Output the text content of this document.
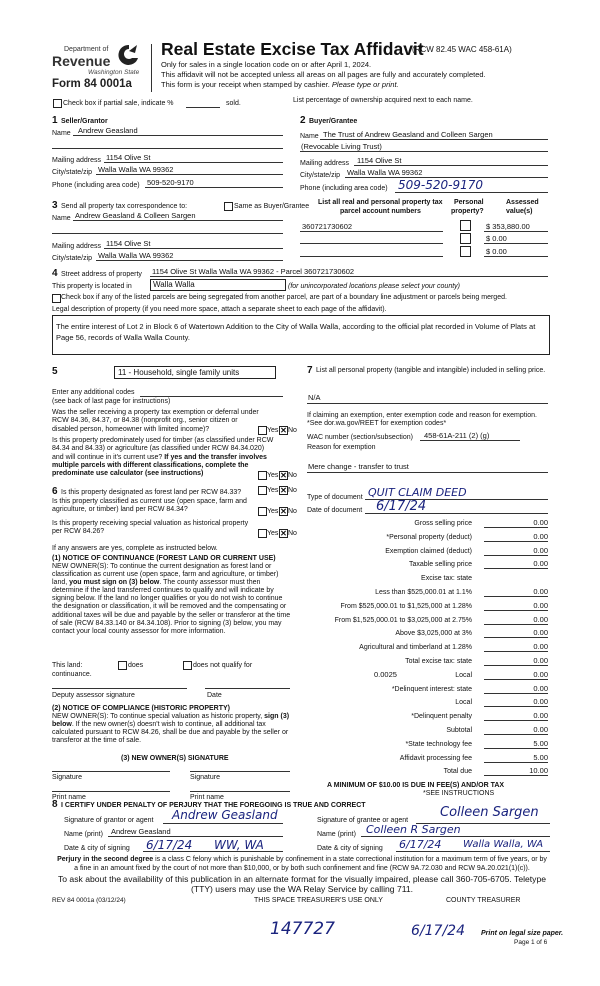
Department of
Revenue
Washington State
Form 84 0001a
Real Estate Excise Tax Affidavit
(RCW 82.45 WAC 458-61A)
Only for sales in a single location code on or after April 1, 2024.
This affidavit will not be accepted unless all areas on all pages are fully and accurately completed.
This form is your receipt when stamped by cashier. Please type or print.
Check box if partial sale, indicate %	sold.	List percentage of ownership acquired next to each name.
1 Seller/Grantor
Name Andrew Geasland
Mailing address 1154 Olive St
City/state/zip Walla Walla WA 99362
Phone (including area code) 509-520-9170
2 Buyer/Grantee
Name The Trust of Andrew Geasland and Colleen Sargen
(Revocable Living Trust)
Mailing address 1154 Olive St
City/state/zip Walla Walla WA 99362
Phone (including area code) 509-520-9170
3 Send all property tax correspondence to:	Same as Buyer/Grantee
Name Andrew Geasland & Colleen Sargen
Mailing address 1154 Olive St
City/state/zip Walla Walla WA 99362
List all real and personal property tax
parcel account numbers
Personal
property?
Assessed
value(s)
360721730602	$ 353,880.00
$ 0.00
$ 0.00
4 Street address of property 1154 Olive St Walla Walla WA 99362 - Parcel 360721730602
This property is located in	Walla Walla	(for unincorporated locations please select your county)
Check box if any of the listed parcels are being segregated from another parcel, are part of a boundary line adjustment or parcels being merged.
Legal description of property (if you need more space, attach a separate sheet to each page of the affidavit).
The entire interest of Lot 2 in Block 6 of Watertown Addition to the City of Walla Walla, according to the official plat recorded in Volume of Plats at Page 56, records of Walla Walla County.
5	11 - Household, single family units
Enter any additional codes
(see back of last page for instructions)
Was the seller receiving a property tax exemption or deferral under RCW 84.36, 84.37, or 84.38 (nonprofit org., senior citizen or disabled person, homeowner with limited income)?	Yes ✕ No
Is this property predominately used for timber (as classified under RCW 84.34 and 84.33) or agriculture (as classified under RCW 84.34.020) and will continue in it's current use? If yes and the transfer involves multiple parcels with different classifications, complete the predominate use calculator (see instructions)	Yes ✕ No
6 Is this property designated as forest land per RCW 84.33?	Yes ✕ No
Is this property classified as current use (open space, farm and agriculture, or timber) land per RCW 84.34?	Yes ✕ No
Is this property receiving special valuation as historical property per RCW 84.26?	Yes ✕ No
If any answers are yes, complete as instructed below.
(1) NOTICE OF CONTINUANCE (FOREST LAND OR CURRENT USE)
NEW OWNER(S): To continue the current designation as forest land or classification as current use (open space, farm and agriculture, or timber) land, you must sign on (3) below. The county assessor must then determine if the land transferred continues to qualify and will indicate by signing below. If the land no longer qualifies or you do not wish to continue the designation or classification, it will be removed and the compensating or additional taxes will be due and payable by the seller or transferor at the time of sale (RCW 84.33.140 or 84.34.108). Prior to signing (3) below, you may contact your local county assessor for more information.
This land:	does	does not qualify for
continuance.
Deputy assessor signature	Date
(2) NOTICE OF COMPLIANCE (HISTORIC PROPERTY)
NEW OWNER(S): To continue special valuation as historic property, sign (3) below. If the new owner(s) doesn't wish to continue, all additional tax calculated pursuant to RCW 84.26, shall be due and payable by the seller or transferor at the time of sale.
(3) NEW OWNER(S) SIGNATURE
Signature	Signature
Print name	Print name
7 List all personal property (tangible and intangible) included in selling price.
N/A
If claiming an exemption, enter exemption code and reason for exemption. *See dor.wa.gov/REET for exemption codes*
WAC number (section/subsection) 458-61A-211 (2) (g)
Reason for exemption
Mere change - transfer to trust
Type of document QUIT CLAIM DEED
Date of document 6/17/24
Gross selling price	0.00
*Personal property (deduct)	0.00
Exemption claimed (deduct)	0.00
Taxable selling price	0.00
Excise tax: state
Less than $525,000.01 at 1.1%	0.00
From $525,000.01 to $1,525,000 at 1.28%	0.00
From $1,525,000.01 to $3,025,000 at 2.75%	0.00
Above $3,025,000 at 3%	0.00
Agricultural and timberland at 1.28%	0.00
Total excise tax: state	0.00
Local
0.0025	0.00
*Delinquent interest: state	0.00
Local	0.00
*Delinquent penalty	0.00
Subtotal	0.00
*State technology fee	5.00
Affidavit processing fee	5.00
Total due	10.00
A MINIMUM OF $10.00 IS DUE IN FEE(S) AND/OR TAX
*SEE INSTRUCTIONS
8 I CERTIFY UNDER PENALTY OF PERJURY THAT THE FOREGOING IS TRUE AND CORRECT
Signature of grantor or agent Andrew Geasland
Name (print) Andrew Geasland
Date & city of signing 6/17/24 WW, WA
Signature of grantee or agent
Colleen Sargen
Name (print) Colleen R Sargen
Date & city of signing 6/17/24 Walla Walla, WA
Perjury in the second degree is a class C felony which is punishable by confinement in a state correctional institution for a maximum term of five years, or by a fine in an amount fixed by the court of not more than $10,000, or by both such confinement and fine (RCW 9A.72.030 and RCW 9A.20.021(1)(c)).
To ask about the availability of this publication in an alternate format for the visually impaired, please call 360-705-6705. Teletype (TTY) users may use the WA Relay Service by calling 711.
REV 84 0001a (03/12/24)	THIS SPACE TREASURER'S USE ONLY	COUNTY TREASURER
147727	6/17/24 Print on legal size paper.
Page 1 of 6
